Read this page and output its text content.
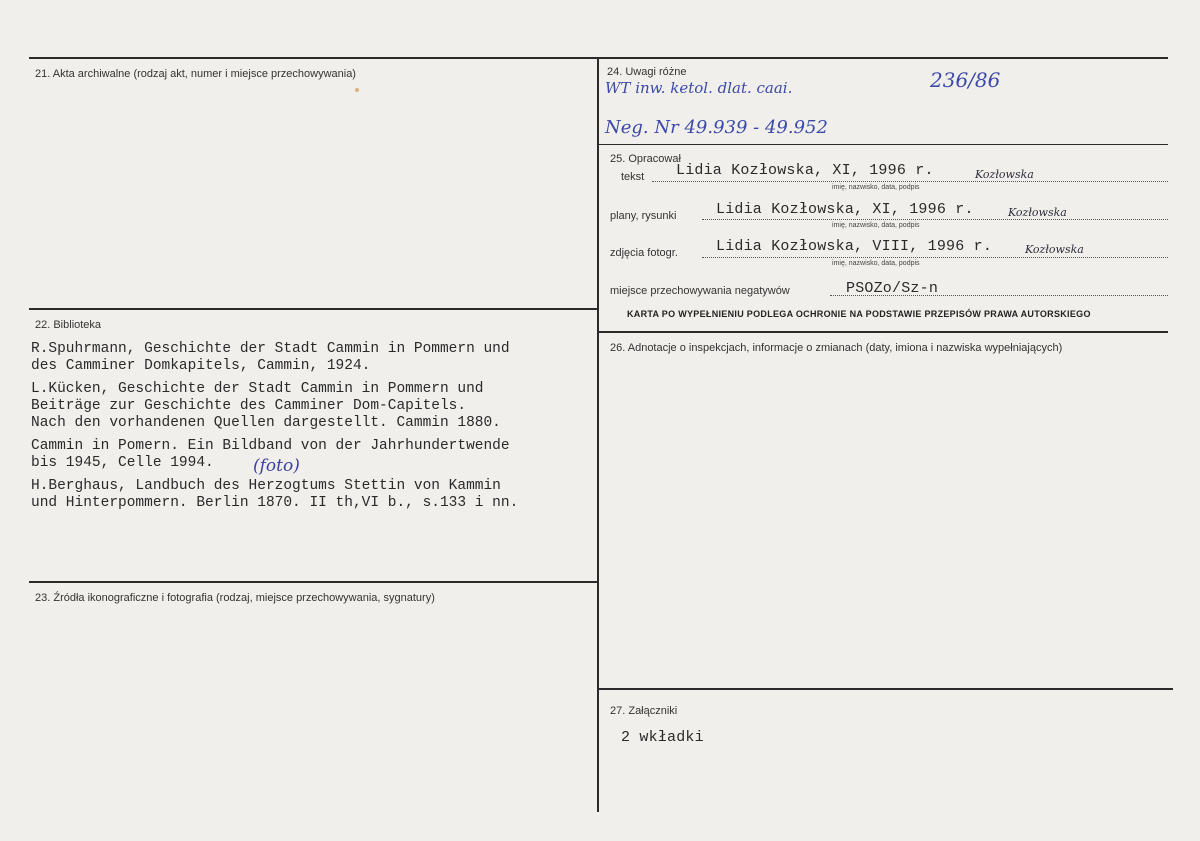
21. Akta archiwalne (rodzaj akt, numer i miejsce przechowywania)
22. Biblioteka

R.Spuhrmann, Geschichte der Stadt Cammin in Pommern und
des Camminer Domkapitels, Cammin, 1924.

L.Kücken, Geschichte der Stadt Cammin in Pommern und
Beiträge zur Geschichte des Camminer Dom-Capitels.
Nach den vorhandenen Quellen dargestellt. Cammin 1880.

Cammin in Pomern. Ein Bildband von der Jahrhundertwende
bis 1945, Celle 1994.

H.Berghaus, Landbuch des Herzogtums Stettin von Kammin
und Hinterpommern. Berlin 1870. II th,VI b., s.133 i nn.

(foto)
23. Źródła ikonograficzne i fotografia (rodzaj, miejsce przechowywania, sygnatury)
24. Uwagi różne
WT inw. ketol. dlat. caai.	236/86
Neg. Nr 49.939 - 49.952
25. Opracował
tekst Lidia Kozłowska, XI, 1996 r.	Kozłowska
imię, nazwisko, data, podpis
plany, rysunki	Lidia Kozłowska, XI, 1996 r.	Kozłowska
imię, nazwisko, data, podpis
zdjęcia fotogr.	Lidia Kozłowska, VIII, 1996 r.	Kozłowska
imię, nazwisko, data, podpis
miejsce przechowywania negatywów	PSOZo/Sz-n
KARTA PO WYPEŁNIENIU PODLEGA OCHRONIE NA PODSTAWIE PRZEPISÓW PRAWA AUTORSKIEGO
26. Adnotacje o inspekcjach, informacje o zmianach (daty, imiona i nazwiska wypełniających)
27. Załączniki
2 wkładki
